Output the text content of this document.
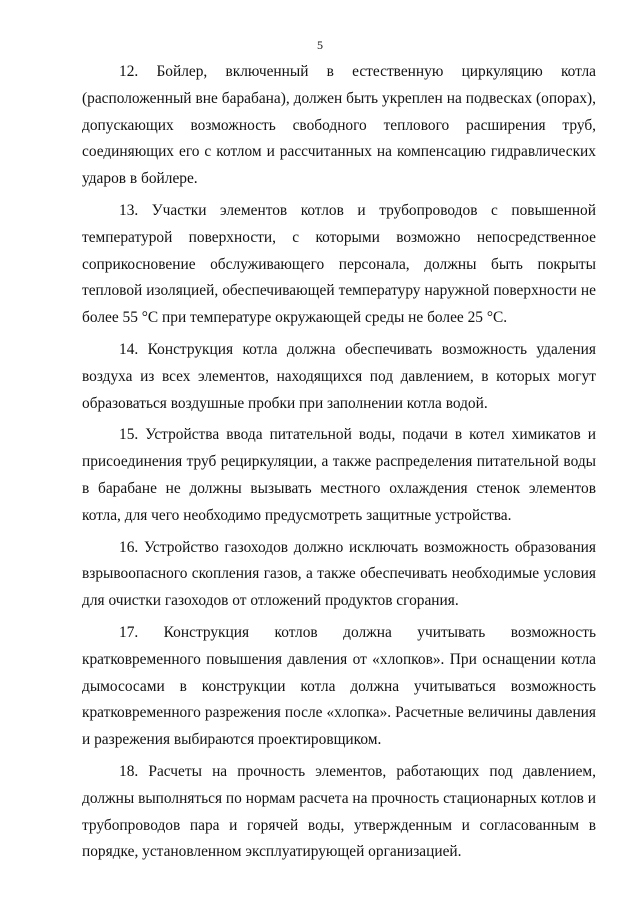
5

12. Бойлер, включенный в естественную циркуляцию котла (расположенный вне барабана), должен быть укреплен на подвесках (опорах), допускающих возможность свободного теплового расширения труб, соединяющих его с котлом и рассчитанных на компенсацию гидравлических ударов в бойлере.

13. Участки элементов котлов и трубопроводов с повышенной температурой поверхности, с которыми возможно непосредственное соприкосновение обслуживающего персонала, должны быть покрыты тепловой изоляцией, обеспечивающей температуру наружной поверхности не более 55 °С при температуре окружающей среды не более 25 °С.

14. Конструкция котла должна обеспечивать возможность удаления воздуха из всех элементов, находящихся под давлением, в которых могут образоваться воздушные пробки при заполнении котла водой.

15. Устройства ввода питательной воды, подачи в котел химикатов и присоединения труб рециркуляции, а также распределения питательной воды в барабане не должны вызывать местного охлаждения стенок элементов котла, для чего необходимо предусмотреть защитные устройства.

16. Устройство газоходов должно исключать возможность образования взрывоопасного скопления газов, а также обеспечивать необходимые условия для очистки газоходов от отложений продуктов сгорания.

17. Конструкция котлов должна учитывать возможность кратковременного повышения давления от «хлопков». При оснащении котла дымососами в конструкции котла должна учитываться возможность кратковременного разрежения после «хлопка». Расчетные величины давления и разрежения выбираются проектировщиком.

18. Расчеты на прочность элементов, работающих под давлением, должны выполняться по нормам расчета на прочность стационарных котлов и трубопроводов пара и горячей воды, утвержденным и согласованным в порядке, установленном эксплуатирующей организацией.
